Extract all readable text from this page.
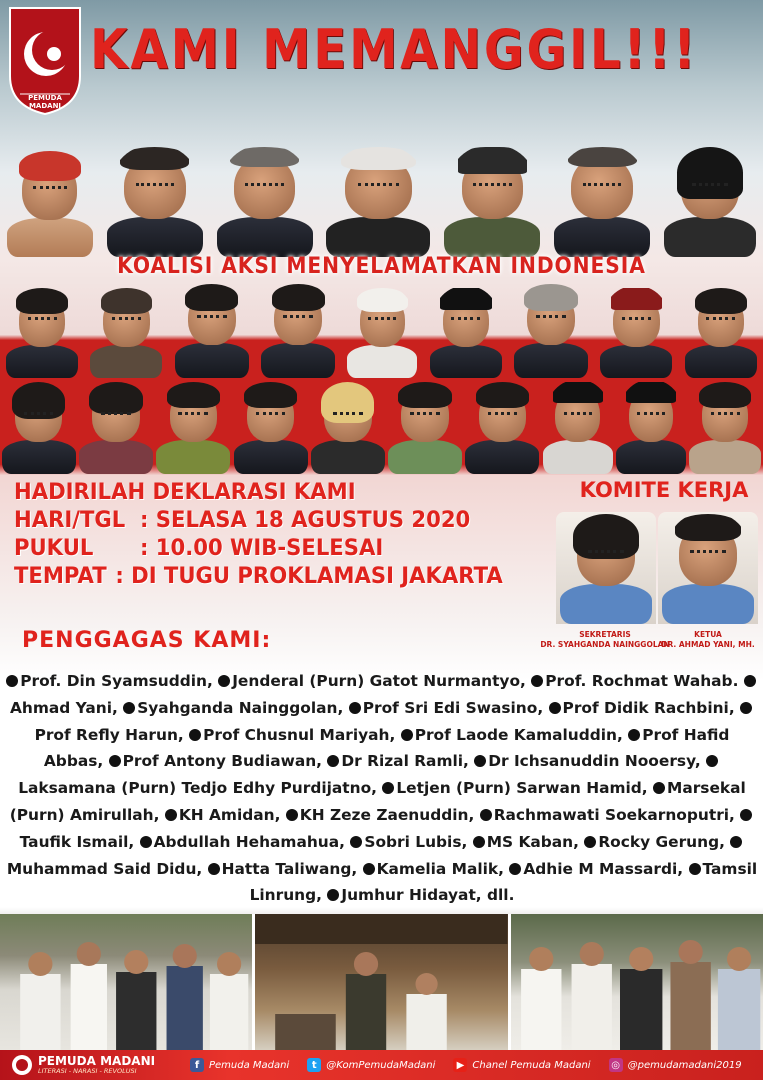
PEMUDA MADANI
KAMI MEMANGGIL!!!
KOALISI AKSI MENYELAMATKAN INDONESIA
HADIRILAH DEKLARASI KAMI
HARI/TGL : SELASA 18 AGUSTUS 2020
PUKUL	: 10.00 WIB-SELESAI
TEMPAT : DI TUGU PROKLAMASI JAKARTA
KOMITE KERJA
SEKRETARIS
DR. SYAHGANDA NAINGGOLAN
KETUA
DR. AHMAD YANI, MH.
PENGGAGAS KAMI:
Prof. Din Syamsuddin, Jenderal (Purn) Gatot Nurmantyo, Prof. Rochmat Wahab. Ahmad Yani, Syahganda Nainggolan, Prof Sri Edi Swasino, Prof Didik Rachbini, Prof Refly Harun, Prof Chusnul Mariyah, Prof Laode Kamaluddin, Prof Hafid Abbas, Prof Antony Budiawan, Dr Rizal Ramli, Dr Ichsanuddin Nooersy, Laksamana (Purn) Tedjo Edhy Purdijatno, Letjen (Purn) Sarwan Hamid, Marsekal (Purn) Amirullah, KH Amidan, KH Zeze Zaenuddin, Rachmawati Soekarnoputri, Taufik Ismail, Abdullah Hehamahua, Sobri Lubis, MS Kaban, Rocky Gerung, Muhammad Said Didu, Hatta Taliwang, Kamelia Malik, Adhie M Massardi, Tamsil Linrung, Jumhur Hidayat, dll.
PEMUDA MADANI
LITERASI - NARASI - REVOLUSI
f Pemuda Madani	t @KomPemudaMadani	▶ Chanel Pemuda Madani ◎ @pemudamadani2019
